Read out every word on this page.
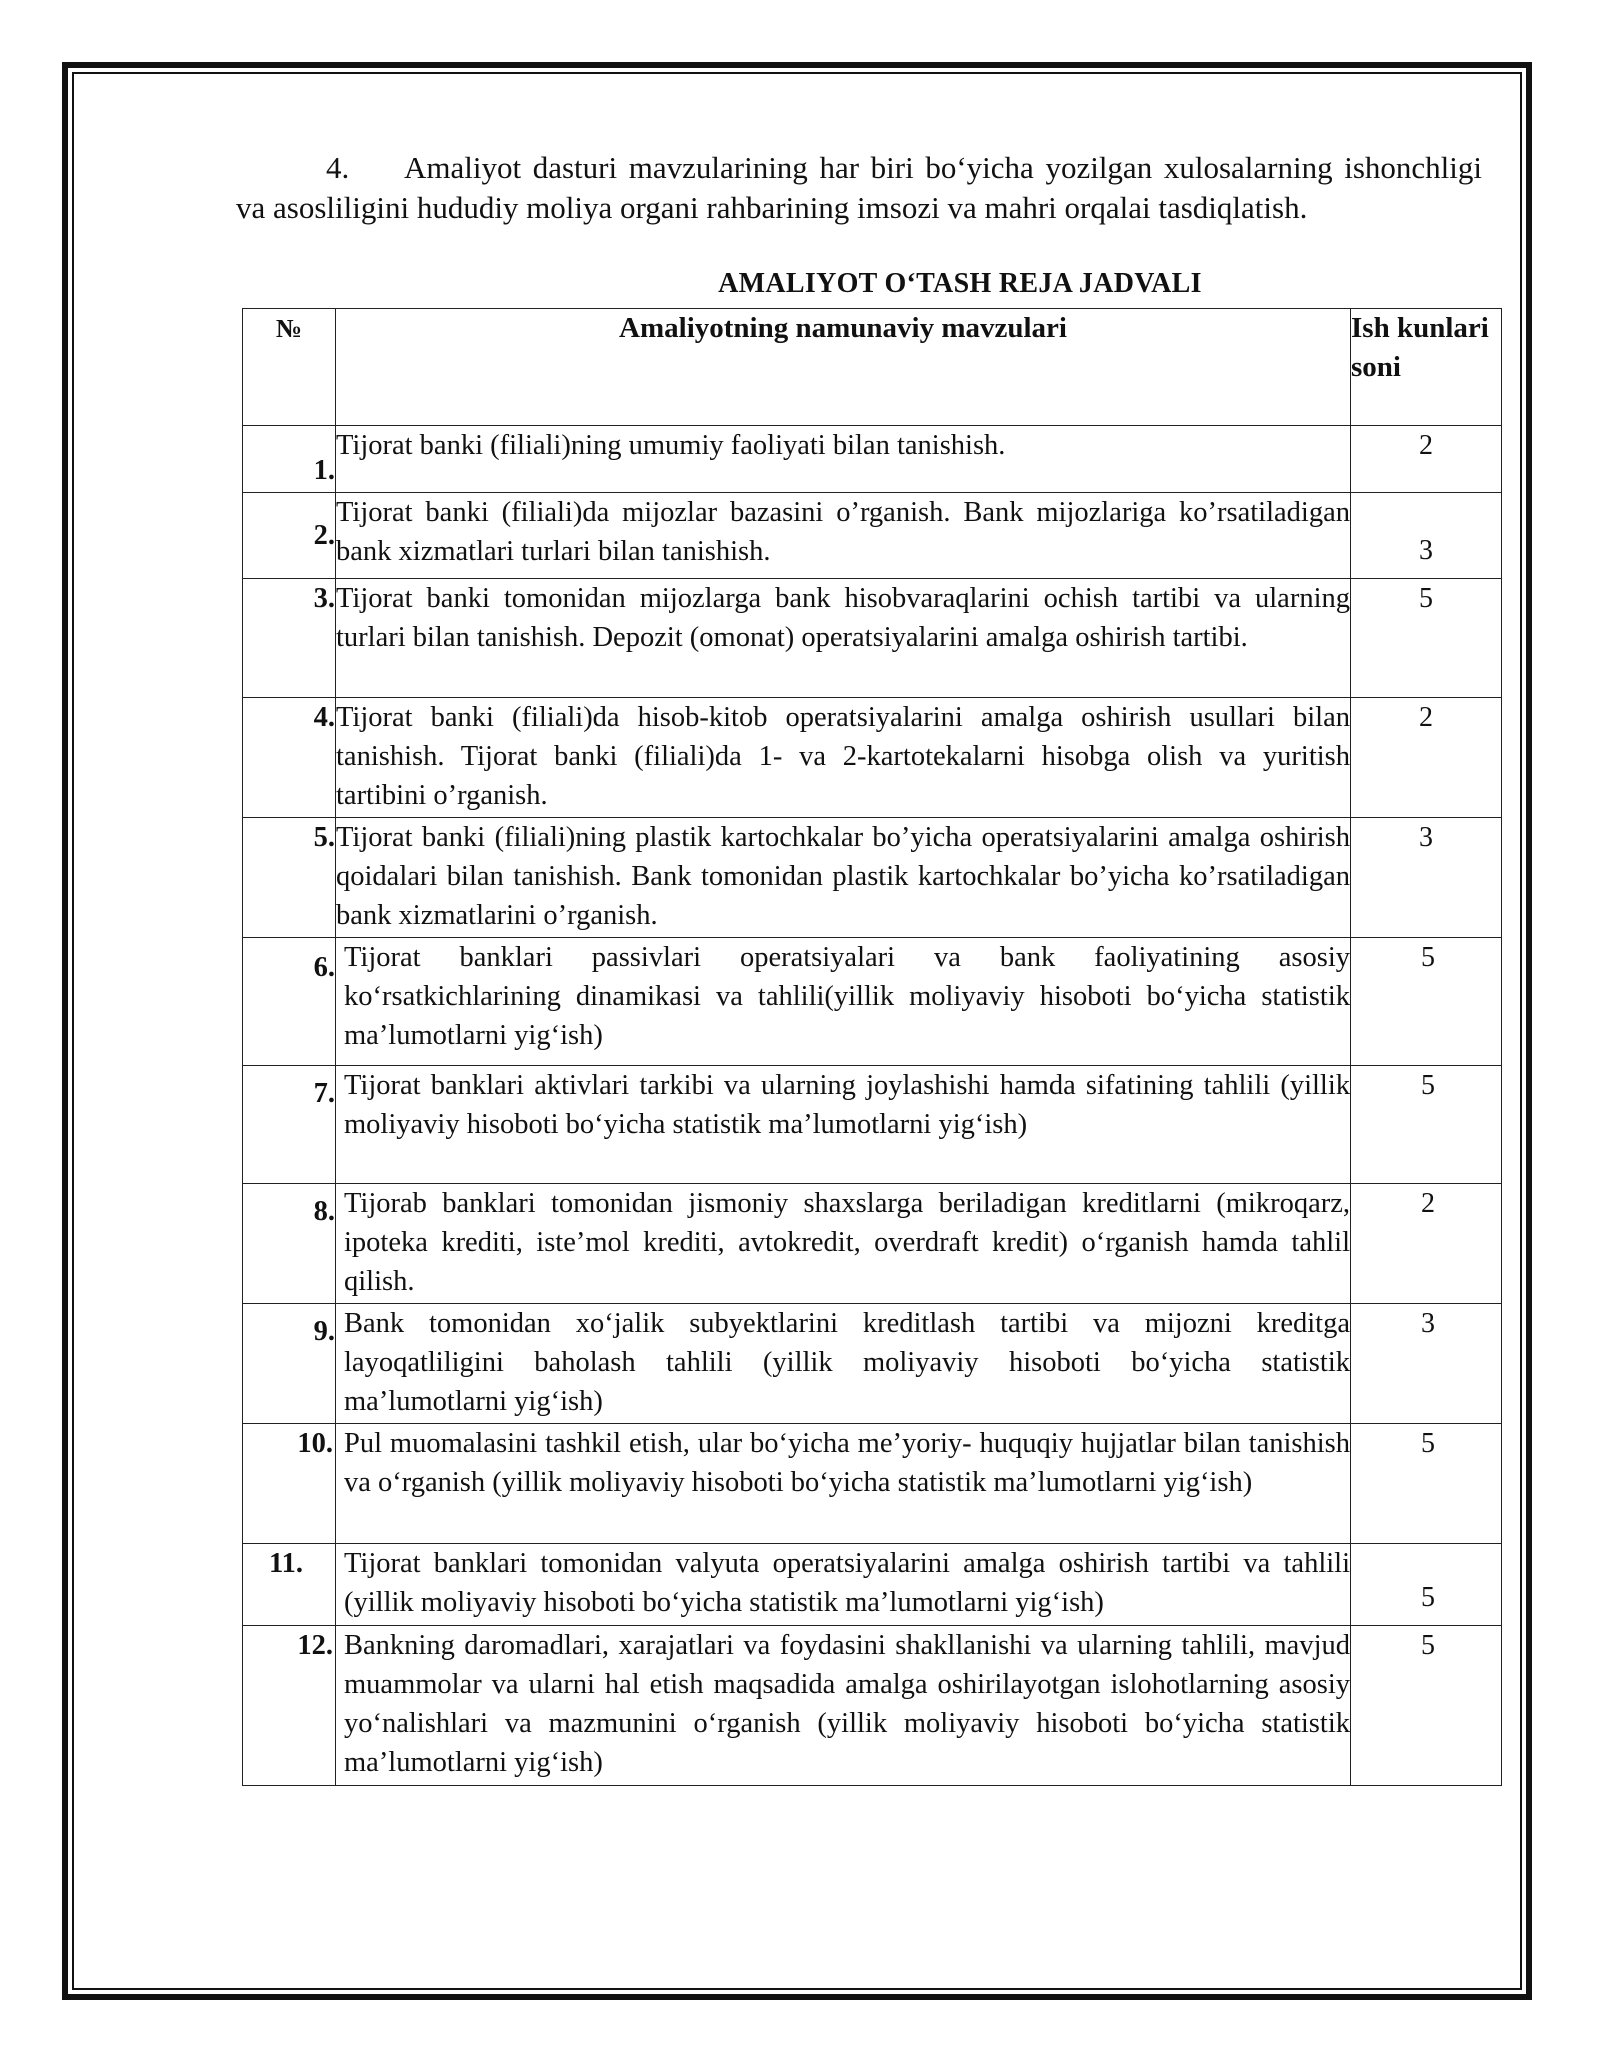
4. Amaliyot dasturi mavzularining har biri bo‘yicha yozilgan xulosalarning ishonchligi va asosliligini hududiy moliya organi rahbarining imsozi va mahri orqalai tasdiqlatish.
AMALIYOT O‘TASH REJA JADVALI
№	Amaliyotning namunaviy mavzulari	Ish kunlari soni
1.	Tijorat banki (filiali)ning umumiy faoliyati bilan tanishish.	2
2.	Tijorat banki (filiali)da mijozlar bazasini o’rganish. Bank mijozlariga ko’rsatiladigan bank xizmatlari turlari bilan tanishish.	3
3.	Tijorat banki tomonidan mijozlarga bank hisobvaraqlarini ochish tartibi va ularning turlari bilan tanishish. Depozit (omonat) operatsiyalarini amalga oshirish tartibi.	5
4.	Tijorat banki (filiali)da hisob-kitob operatsiyalarini amalga oshirish usullari bilan tanishish. Tijorat banki (filiali)da 1- va 2-kartotekalarni hisobga olish va yuritish tartibini o’rganish.	2
5.	Tijorat banki (filiali)ning plastik kartochkalar bo’yicha operatsiyalarini amalga oshirish qoidalari bilan tanishish. Bank tomonidan plastik kartochkalar bo’yicha ko’rsatiladigan bank xizmatlarini o’rganish.	3
6.	Tijorat banklari passivlari operatsiyalari va bank faoliyatining asosiy ko‘rsatkichlarining dinamikasi va tahlili(yillik moliyaviy hisoboti bo‘yicha statistik ma’lumotlarni yig‘ish)	5
7.	Tijorat banklari aktivlari tarkibi va ularning joylashishi hamda sifatining tahlili (yillik moliyaviy hisoboti bo‘yicha statistik ma’lumotlarni yig‘ish)	5
8.	Tijorab banklari tomonidan jismoniy shaxslarga beriladigan kreditlarni (mikroqarz, ipoteka krediti, iste’mol krediti, avtokredit, overdraft kredit) o‘rganish hamda tahlil qilish.	2
9.	Bank tomonidan xo‘jalik subyektlarini kreditlash tartibi va mijozni kreditga layoqatliligini baholash tahlili (yillik moliyaviy hisoboti bo‘yicha statistik ma’lumotlarni yig‘ish)	3
10.	Pul muomalasini tashkil etish, ular bo‘yicha me’yoriy- huquqiy hujjatlar bilan tanishish va o‘rganish (yillik moliyaviy hisoboti bo‘yicha statistik ma’lumotlarni yig‘ish)	5
11.	Tijorat banklari tomonidan valyuta operatsiyalarini amalga oshirish tartibi va tahlili (yillik moliyaviy hisoboti bo‘yicha statistik ma’lumotlarni yig‘ish)	5
12.	Bankning daromadlari, xarajatlari va foydasini shakllanishi va ularning tahlili, mavjud muammolar va ularni hal etish maqsadida amalga oshirilayotgan islohotlarning asosiy yo‘nalishlari va mazmunini o‘rganish (yillik moliyaviy hisoboti bo‘yicha statistik ma’lumotlarni yig‘ish)	5
